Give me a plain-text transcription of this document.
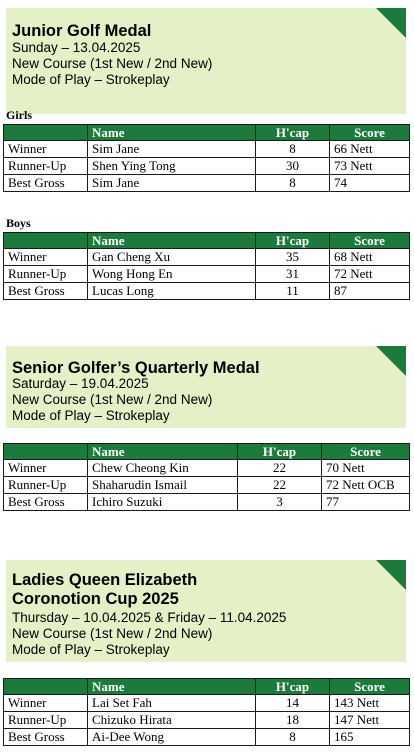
Junior Golf Medal
Sunday – 13.04.2025
New Course (1st New / 2nd New)
Mode of Play – Strokeplay
Girls
	Name	H'cap	Score
Winner	Sim Jane	8	66 Nett
Runner-Up	Shen Ying Tong	30	73 Nett
Best Gross	Sim Jane	8	74
Boys
	Name	H'cap	Score
Winner	Gan Cheng Xu	35	68 Nett
Runner-Up	Wong Hong En	31	72 Nett
Best Gross	Lucas Long	11	87
Senior Golfer’s Quarterly Medal
Saturday – 19.04.2025
New Course (1st New / 2nd New)
Mode of Play – Strokeplay
	Name	H'cap	Score
Winner	Chew Cheong Kin	22	70 Nett
Runner-Up	Shaharudin Ismail	22	72 Nett OCB
Best Gross	Ichiro Suzuki	3	77
Ladies Queen Elizabeth
Coronotion Cup 2025
Thursday – 10.04.2025 & Friday – 11.04.2025
New Course (1st New / 2nd New)
Mode of Play – Strokeplay
	Name	H'cap	Score
Winner	Lai Set Fah	14	143 Nett
Runner-Up	Chizuko Hirata	18	147 Nett
Best Gross	Ai-Dee Wong	8	165
